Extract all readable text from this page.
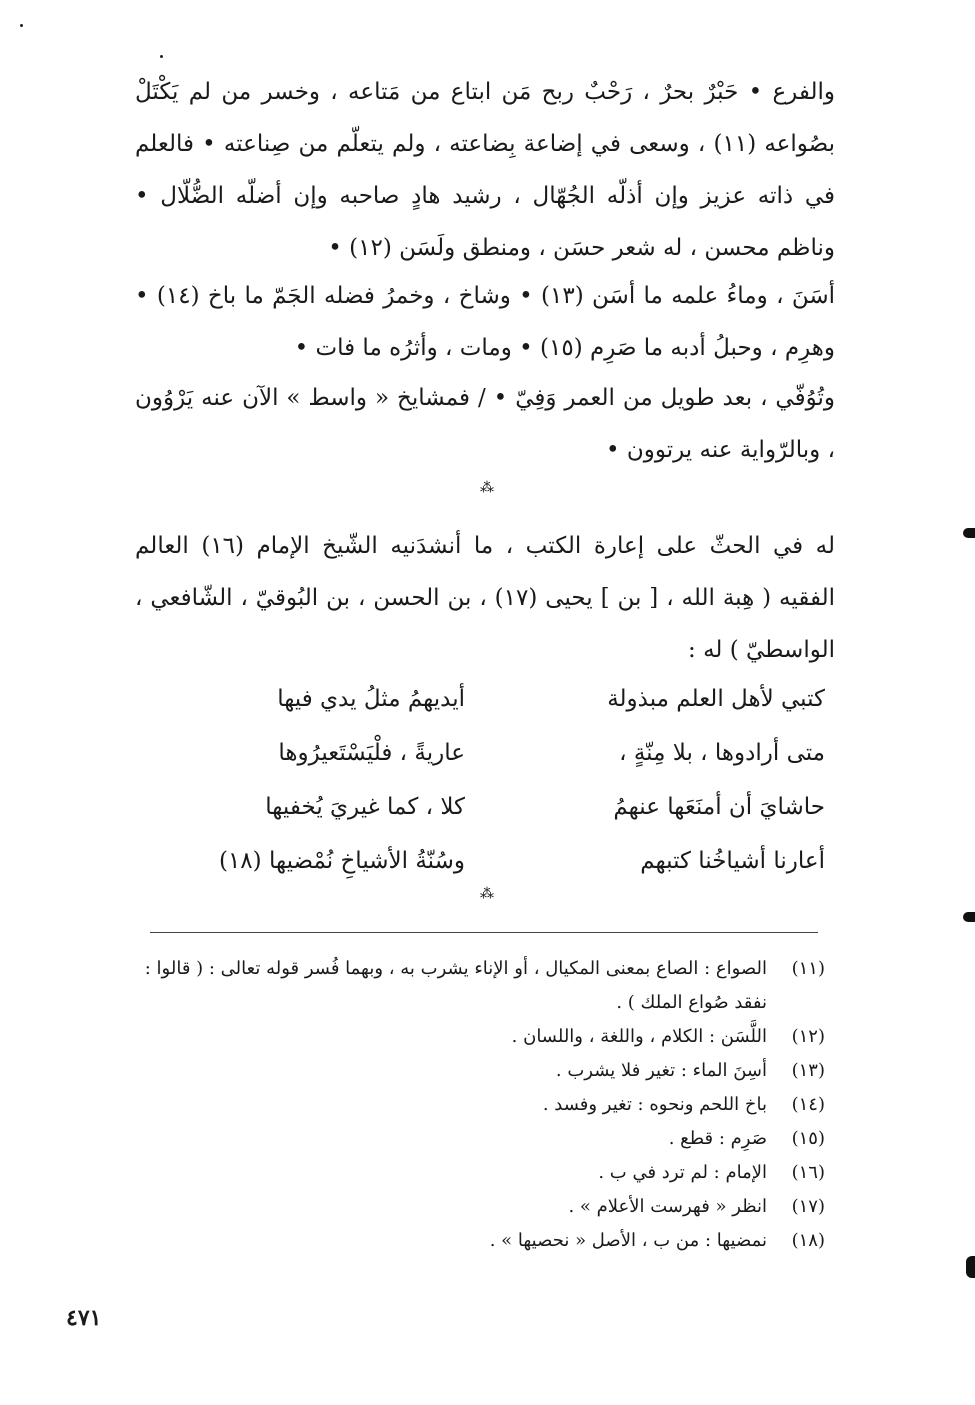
والفرع • حَبْرٌ بحرٌ ، رَحْبٌ ربح مَن ابتاع من مَتاعه ، وخسر من لم يَكْتَلْ بصُواعه (١١) ، وسعى في إضاعة بِضاعته ، ولم يتعلّم من صِناعته • فالعلم في ذاته عزيز وإن أذلّه الجُهّال ، رشيد هادٍ صاحبه وإن أضلّه الضُّلّال • وناظم محسن ، له شعر حسَن ، ومنطق ولَسَن (١٢) •

أسَنَ ، وماءُ علمه ما أسَن (١٣) • وشاخ ، وخمرُ فضله الجَمّ ما باخ (١٤) • وهرِم ، وحبلُ أدبه ما صَرِم (١٥) • ومات ، وأثرُه ما فات •

وتُوُفّي ، بعد طويل من العمر وَفِيّ • / فمشايخ « واسط » الآن عنه يَرْوُون ، وبالرّواية عنه يرتوون •

⁂

له في الحثّ على إعارة الكتب ، ما أنشدَنيه الشّيخ الإمام (١٦) العالم الفقيه ( هِبة الله ، [ بن ] يحيى (١٧) ، بن الحسن ، بن البُوقيّ ، الشّافعي ، الواسطيّ ) له :

كتبي لأهل العلم مبذولة
أيديهمُ مثلُ يدي فيها
متى أرادوها ، بلا مِنّةٍ ،
عاريةً ، فلْيَسْتَعيرُوها
حاشايَ أن أمنَعَها عنهمُ
كلا ، كما غيريَ يُخفيها
أعارنا أشياخُنا كتبهم
وسُنّةُ الأشياخِ نُمْضيها (١٨)
⁂
(١١)
الصواع : الصاع بمعنى المكيال ، أو الإناء يشرب به ، وبهما فُسر قوله تعالى : ( قالوا : نفقد صُواع الملك ) .
(١٢)
اللَّسَن : الكلام ، واللغة ، واللسان .
(١٣)
أسِنَ الماء : تغير فلا يشرب .
(١٤)
باخ اللحم ونحوه : تغير وفسد .
(١٥)
صَرِم : قطع .
(١٦)
الإمام : لم ترد في ب .
(١٧)
انظر « فهرست الأعلام » .
(١٨)
نمضيها : من ب ، الأصل « نحصيها » .
٤٧١
